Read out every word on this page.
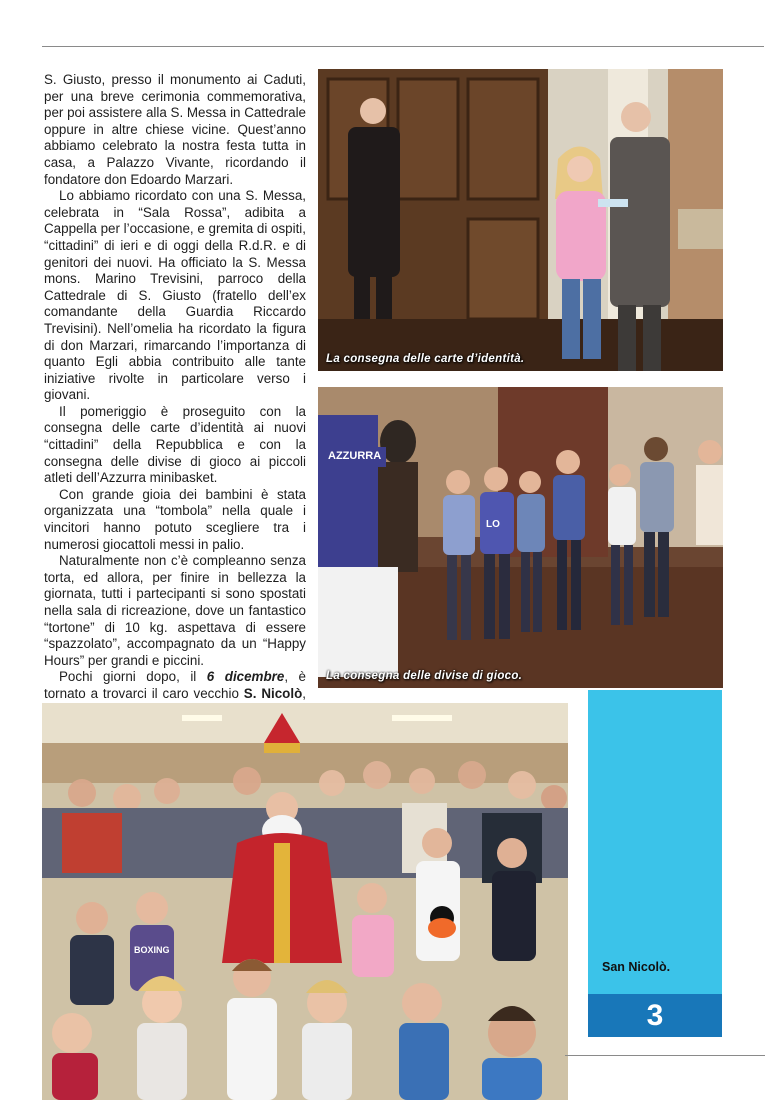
S. Giusto, presso il monumento ai Caduti, per una breve cerimonia commemorativa, per poi assistere alla S. Messa in Cattedrale oppure in altre chiese vicine. Quest’anno abbiamo celebrato la nostra festa tutta in casa, a Palazzo Vivante, ricordando il fondatore don Edoardo Marzari.

Lo abbiamo ricordato con una S. Messa, celebrata in “Sala Rossa”, adibita a Cappella per l’occasione, e gremita di ospiti, “cittadini” di ieri e di oggi della R.d.R. e di genitori dei nuovi. Ha officiato la S. Messa mons. Marino Trevisini, parroco della Cattedrale di S. Giusto (fratello dell’ex comandante della Guardia Riccardo Trevisini). Nell’omelia ha ricordato la figura di don Marzari, rimarcando l’importanza di quanto Egli abbia contribuito alle tante iniziative rivolte in particolare verso i giovani.

Il pomeriggio è proseguito con la consegna delle carte d’identità ai nuovi “cittadini” della Repubblica e con la consegna delle divise di gioco ai piccoli atleti dell’Azzurra minibasket.

Con grande gioia dei bambini è stata organizzata una “tombola” nella quale i vincitori hanno potuto scegliere tra i numerosi giocattoli messi in palio.

Naturalmente non c’è compleanno senza torta, ed allora, per finire in bellezza la giornata, tutti i partecipanti si sono spostati nella sala di ricreazione, dove un fantastico “tortone” di 10 kg. aspettava di essere “spazzolato”, accompagnato da un “Happy Hours” per grandi e piccini.

Pochi giorni dopo, il 6 dicembre, è tornato a trovarci il caro vecchio S. Nicolò,

La consegna delle carte d’identità.
AZZURRA
LO
La consegna delle divise di gioco.
BOXING
San Nicolò.
3
